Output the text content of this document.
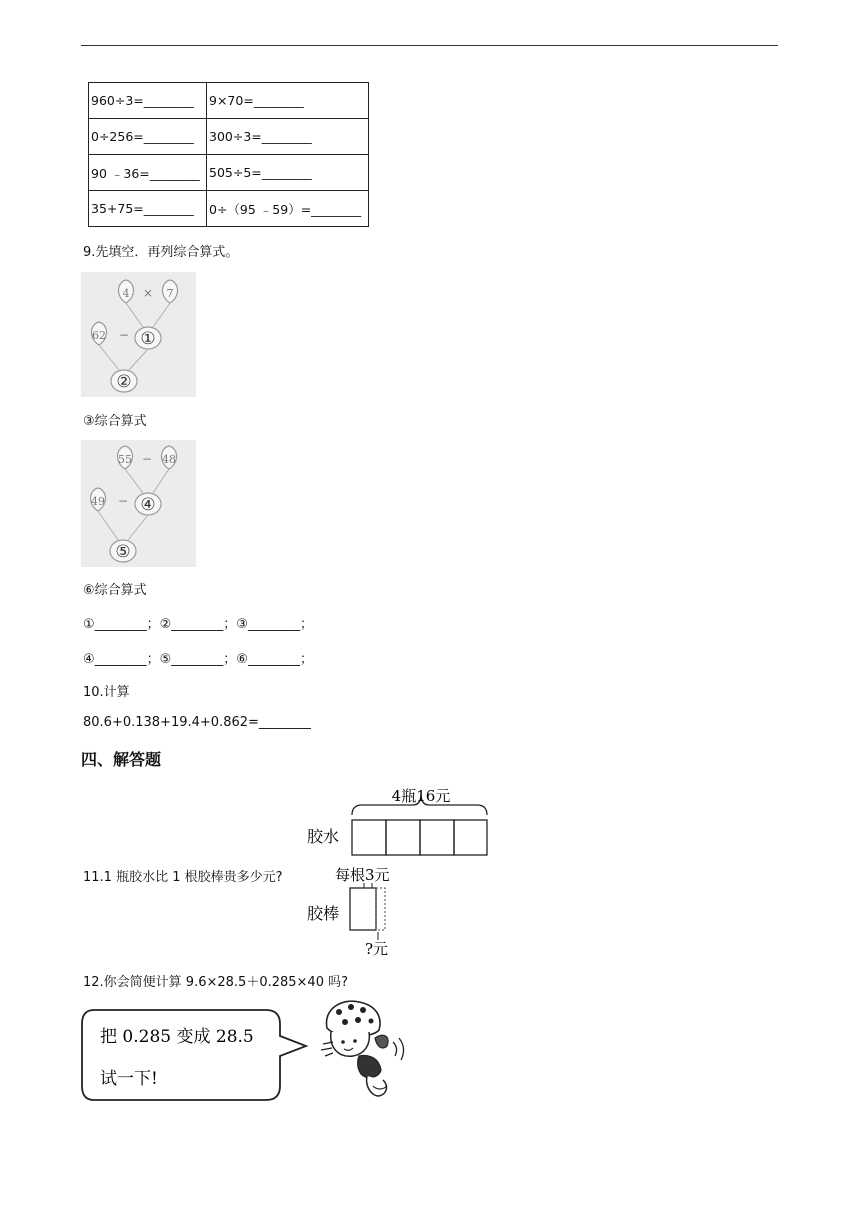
960÷3=________	9×70=________
0÷256=________	300÷3=________
90 ﹣36=________	505÷5=________
35+75=________	0÷（95 ﹣59）=________
9.先填空．再列综合算式。
4 × 7
62 − ①
②
③综合算式
55 − 48
49 − ④
⑤
⑥综合算式
①________；②________；③________；
④________；⑤________；⑥________；
10.计算
80.6+0.138+19.4+0.862=________
四、解答题
4瓶16元
胶水
每根3元
胶棒
?元
11.1 瓶胶水比 1 根胶棒贵多少元?
12.你会简便计算 9.6×28.5＋0.285×40 吗?
把 0.285 变成 28.5
试一下!
